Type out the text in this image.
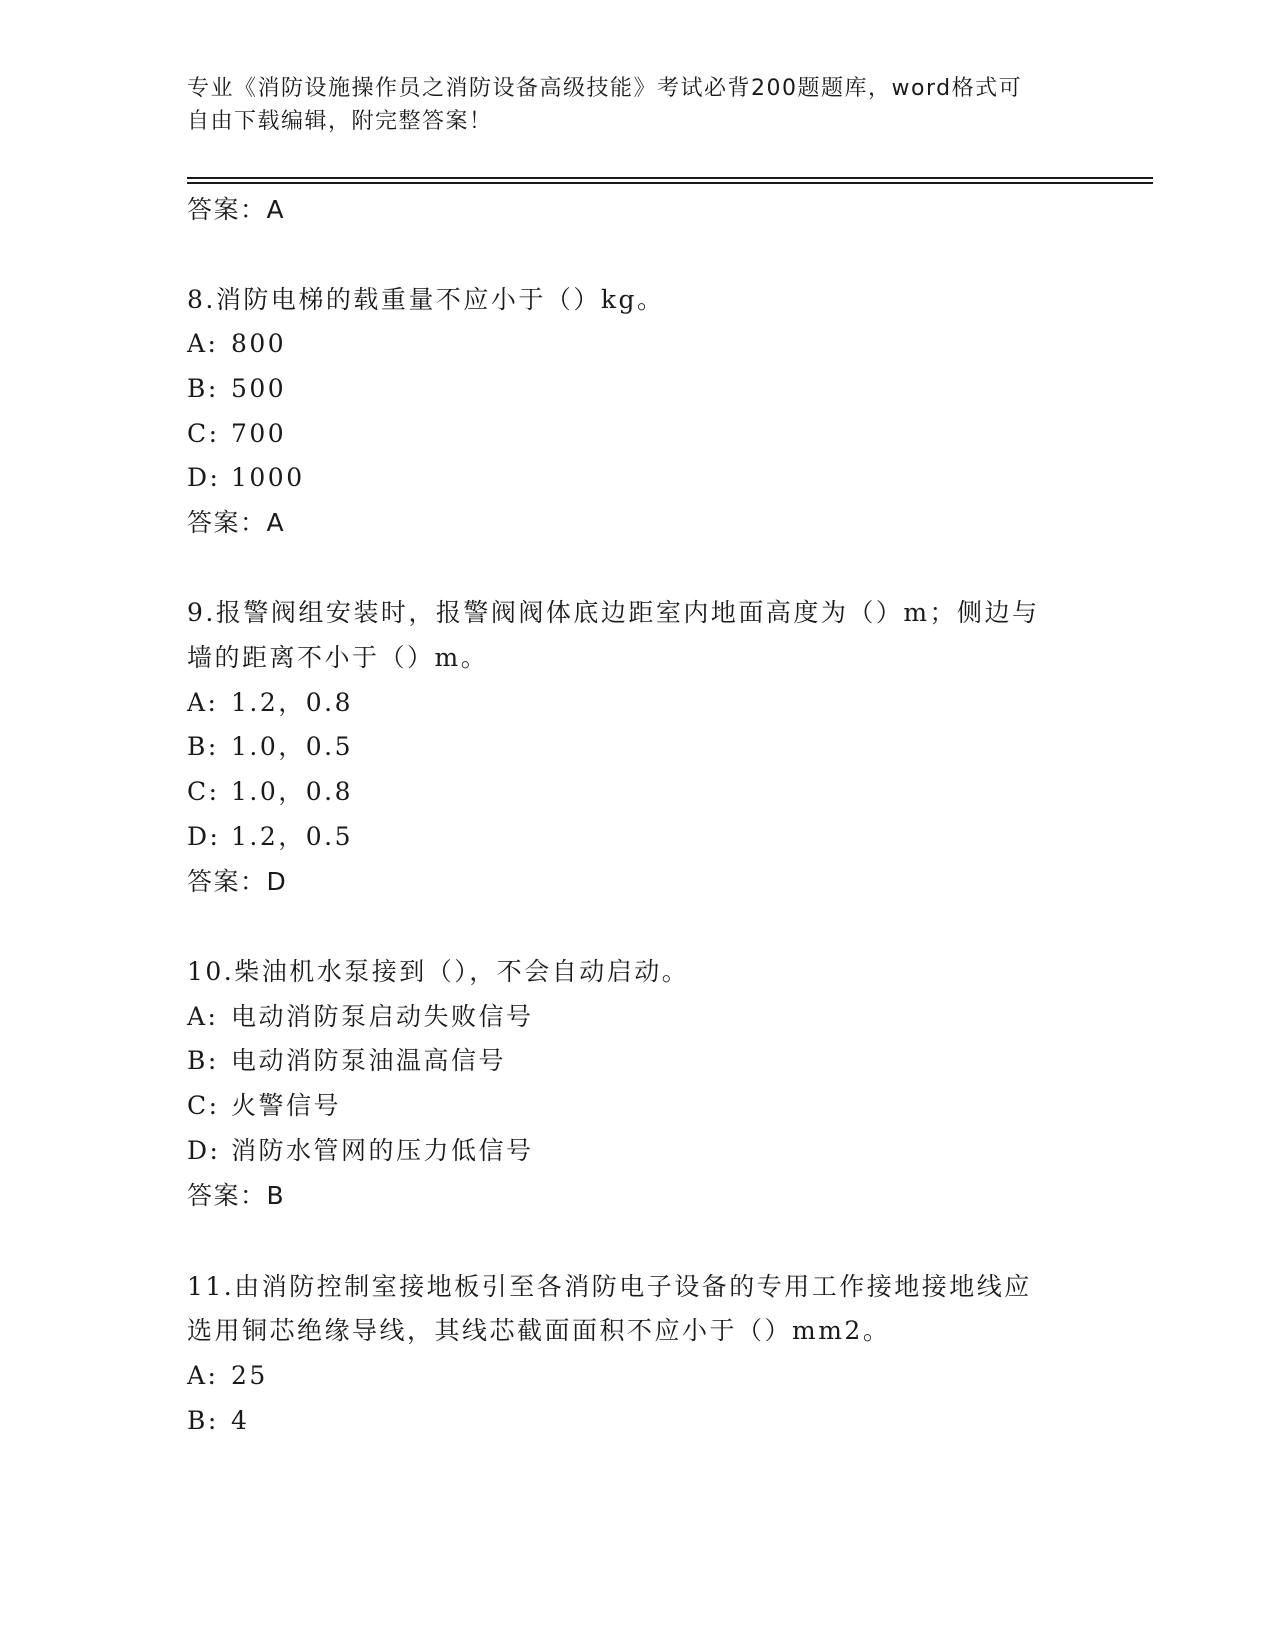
专业《消防设施操作员之消防设备高级技能》考试必背200题题库，word格式可
自由下载编辑，附完整答案！
答案：A
8.消防电梯的载重量不应小于（）kg。
A: 800
B: 500
C: 700
D: 1000
答案：A
9.报警阀组安装时，报警阀阀体底边距室内地面高度为（）m；侧边与
墙的距离不小于（）m。
A: 1.2，0.8
B: 1.0，0.5
C: 1.0，0.8
D: 1.2，0.5
答案：D
10.柴油机水泵接到（），不会自动启动。
A: 电动消防泵启动失败信号
B: 电动消防泵油温高信号
C: 火警信号
D: 消防水管网的压力低信号
答案：B
11.由消防控制室接地板引至各消防电子设备的专用工作接地接地线应
选用铜芯绝缘导线，其线芯截面面积不应小于（）mm2。
A: 25
B: 4
